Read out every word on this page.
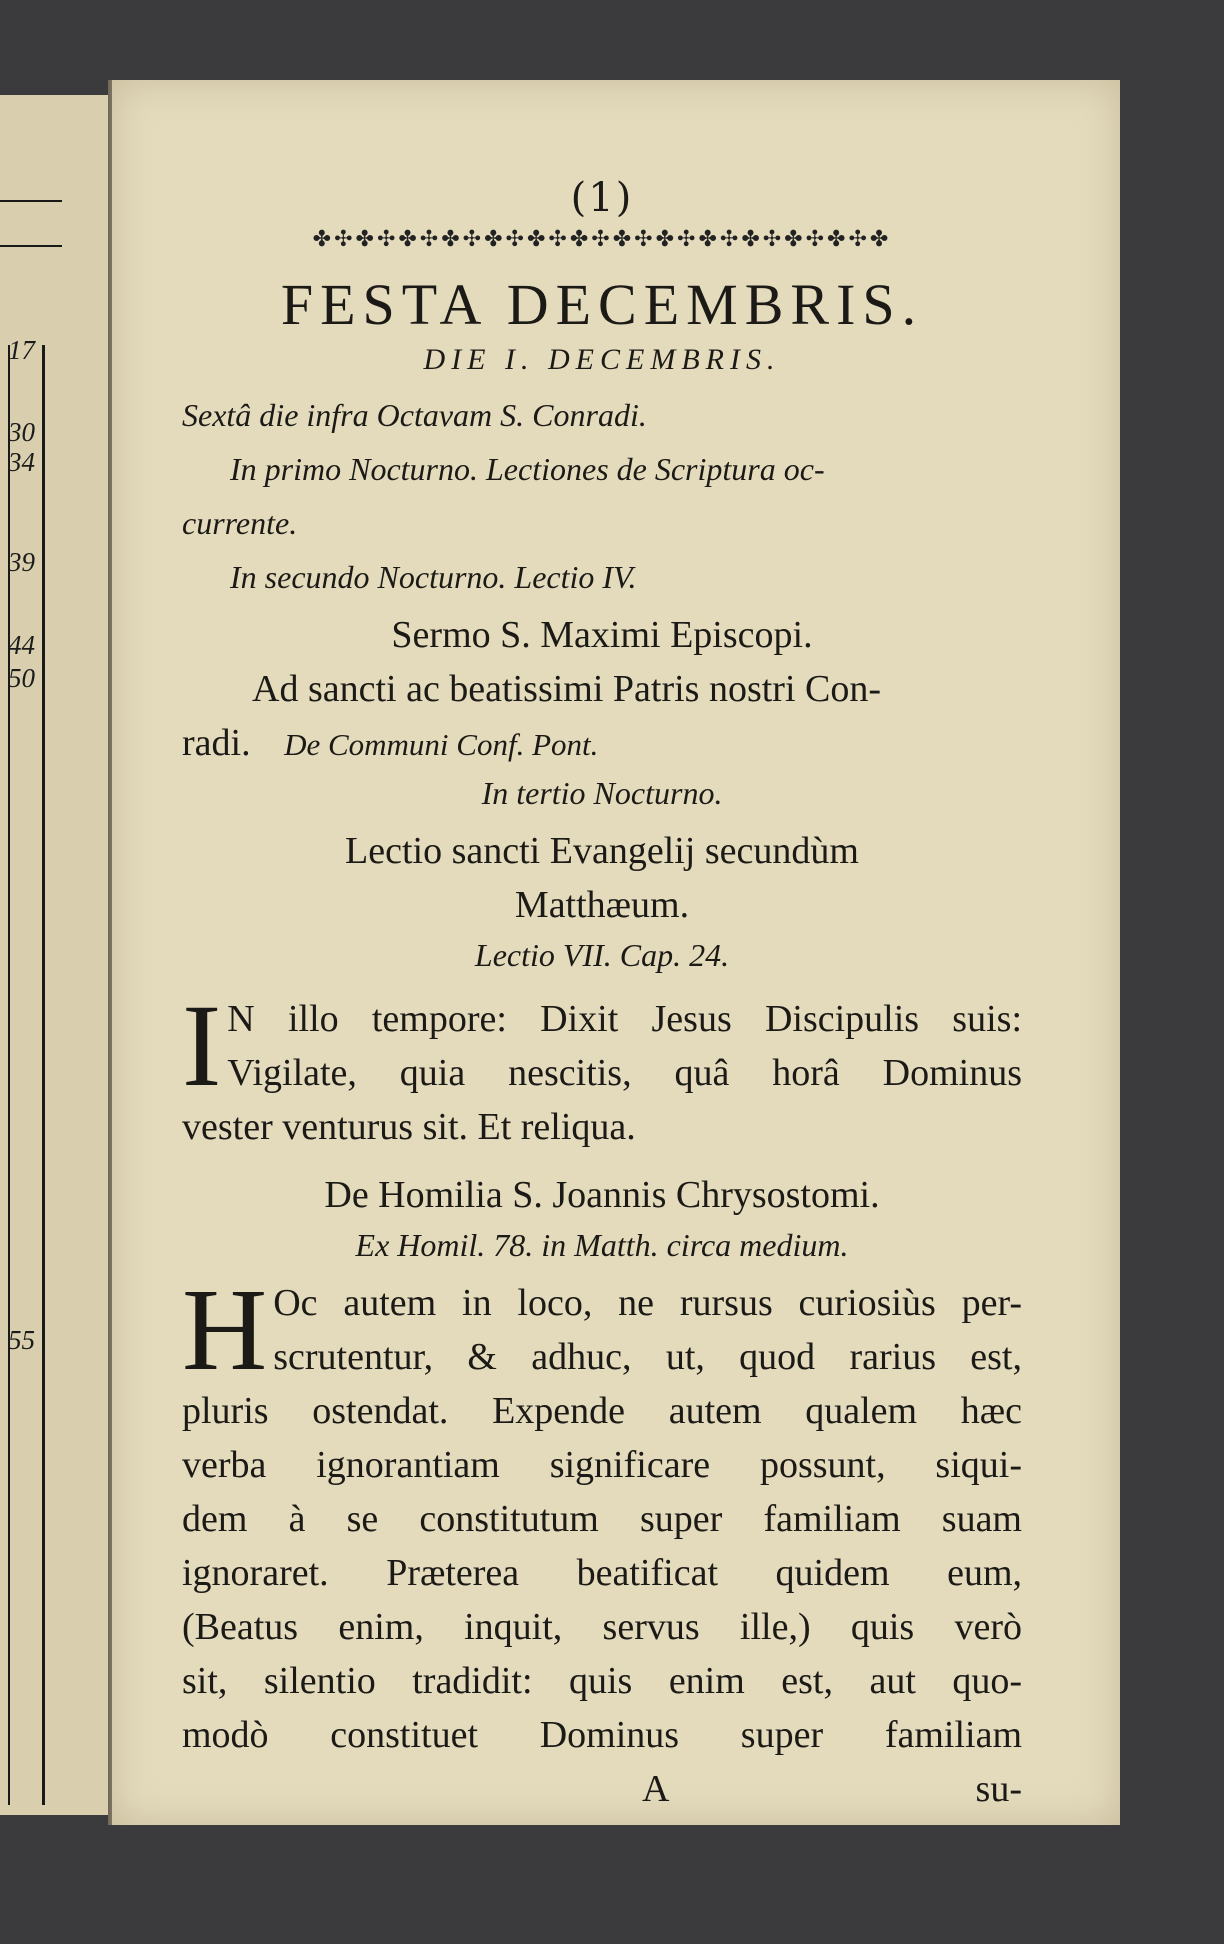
17
30
34
39
44
50
55
(1)
✤✣✤✣✤✣✤✣✤✣✤✣✤✣✤✣✤✣✤✣✤✣✤✣✤✣✤
FESTA DECEMBRIS.
DIE I. DECEMBRIS.
Sextâ die infra Octavam S. Conradi.
In primo Nocturno. Lectiones de Scriptura oc-
currente.
In secundo Nocturno. Lectio IV.
Sermo S. Maximi Episcopi.
Ad sancti ac beatissimi Patris nostri Con-
radi. De Communi Conf. Pont.
In tertio Nocturno.
Lectio sancti Evangelij secundùm
Matthæum.
Lectio VII. Cap. 24.
I N illo tempore: Dixit Jesus Discipulis suis:
Vigilate, quia nescitis, quâ horâ Dominus
vester venturus sit. Et reliqua.
De Homilia S. Joannis Chrysostomi.
Ex Homil. 78. in Matth. circa medium.
H Oc autem in loco, ne rursus curiosiùs per-
scrutentur, & adhuc, ut, quod rarius est,
pluris ostendat. Expende autem qualem hæc
verba ignorantiam significare possunt, siqui-
dem à se constitutum super familiam suam
ignoraret. Præterea beatificat quidem eum,
(Beatus enim, inquit, servus ille,) quis verò
sit, silentio tradidit: quis enim est, aut quo-
modò constituet Dominus super familiam
A	su-
